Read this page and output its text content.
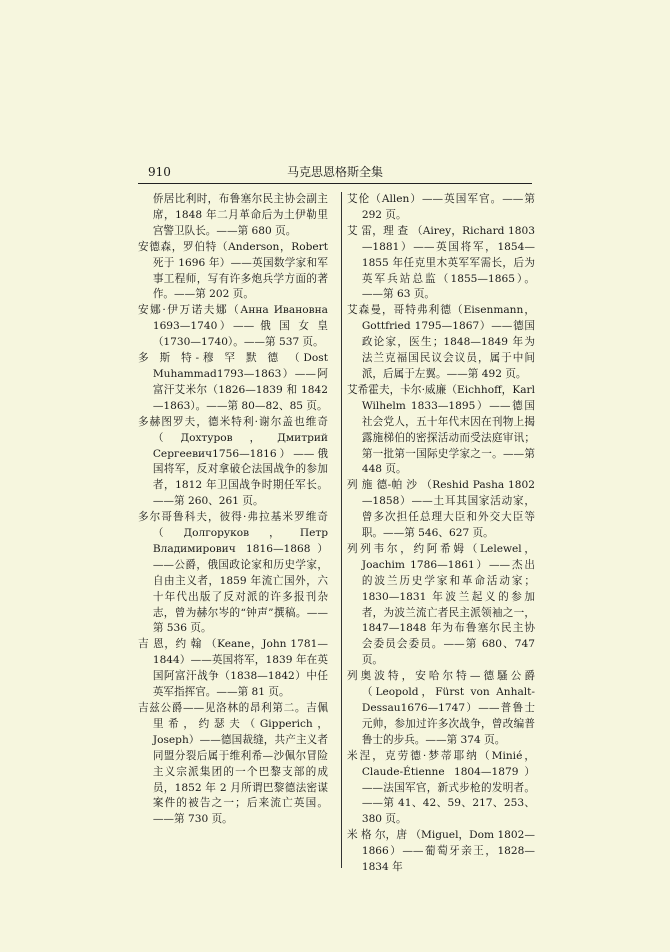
910	马克思恩格斯全集

侨居比利时，布鲁塞尔民主协会副主席，1848 年二月革命后为土伊勒里宫警卫队长。——第 680 页。

安德森，罗伯特（Anderson，Robert 死于 1696 年）——英国数学家和军事工程师，写有许多炮兵学方面的著作。——第 202 页。

安娜·伊万诺夫娜（Анна Ивановна 1693—1740）—— 俄 国 女 皇 （1730—1740）。——第 537 页。

多 斯 特-穆 罕 默 德 （Dost Muhammad1793—1863）——阿富汗艾米尔（1826—1839 和 1842—1863）。——第 80—82、85 页。

多赫图罗夫，德米特利·谢尔盖也维奇（Дохтуров，Дмитрий Сергеевич1756—1816）——俄国将军，反对拿破仑法国战争的参加者，1812 年卫国战争时期任军长。——第 260、261 页。

多尔哥鲁科夫，彼得·弗拉基米罗维奇（Долгоруков，Петр Владимирович 1816—1868）——公爵，俄国政论家和历史学家，自由主义者，1859 年流亡国外，六十年代出版了反对派的许多报刊杂志，曾为赫尔岑的“钟声”撰稿。——第 536 页。

吉 恩，约 翰 （Keane，John 1781—1844）——英国将军，1839 年在英国阿富汗战争（1838—1842）中任英军指挥官。——第 81 页。

吉兹公爵——见洛林的昂利第二。吉佩里希，约瑟夫（Gipperich，Joseph）——德国裁缝，共产主义者同盟分裂后属于维利希—沙佩尔冒险主义宗派集团的一个巴黎支部的成员，1852 年 2 月所谓巴黎德法密谋案件的被告之一；后来流亡英国。——第 730 页。

艾伦（Allen）——英国军官。——第 292 页。

艾 雷，理 查 （Airey，Richard 1803—1881）——英国将军，1854—1855 年任克里木英军军需长，后为英军兵站总监（1855—1865）。——第 63 页。

艾森曼，哥特弗利德（Eisenmann，Gottfried 1795—1867）——德国政论家，医生；1848—1849 年为法兰克福国民议会议员，属于中间派，后属于左翼。——第 492 页。

艾希霍夫，卡尔·威廉（Eichhoff，Karl Wilhelm 1833—1895）——德国社会党人，五十年代末因在刊物上揭露施梯伯的密探活动而受法庭审讯；第一批第一国际史学家之一。——第 448 页。

列 施 德-帕 沙 （Reshid Pasha 1802—1858）——土耳其国家活动家，曾多次担任总理大臣和外交大臣等职。——第 546、627 页。

列列韦尔，约阿希姆（Lelewel，Joachim 1786—1861）——杰出的波兰历史学家和革命活动家；1830—1831 年波兰起义的参加者，为波兰流亡者民主派领袖之一，1847—1848 年为布鲁塞尔民主协会委员会委员。——第 680、747 页。

列奥波特，安哈尔特—德騷公爵（Leopold，Fürst von Anhalt-Dessau1676—1747）——普鲁士元帅，参加过许多次战争，曾改编普鲁士的步兵。——第 374 页。

米涅，克劳德·梦蒂耶纳（Minié，Claude-Étienne 1804—1879）——法国军官，新式步枪的发明者。——第 41、42、59、217、253、380 页。

米 格 尔，唐 （Miguel，Dom 1802—1866）——葡萄牙亲王，1828—1834 年
